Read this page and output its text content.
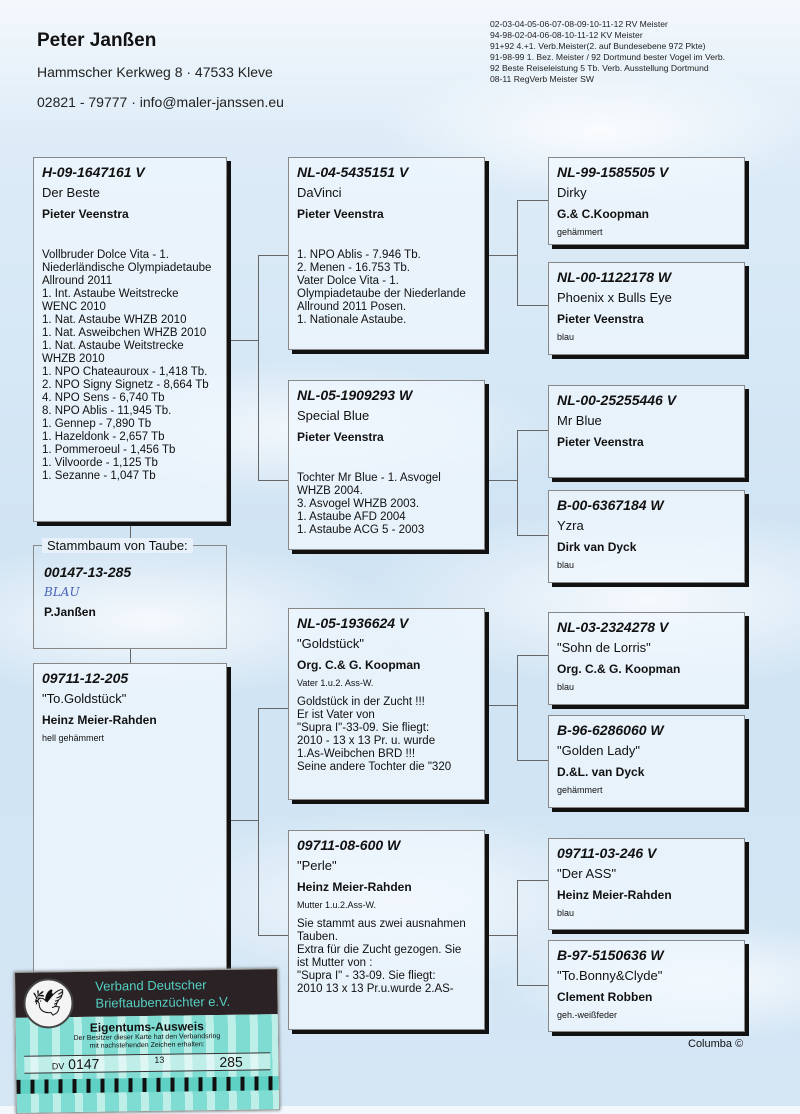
Peter Janßen
Hammscher Kerkweg 8 · 47533 Kleve
02821 - 79777 · info@maler-janssen.eu
02-03-04-05-06-07-08-09-10-11-12 RV Meister
94-98-02-04-06-08-10-11-12 KV Meister
91+92 4.+1. Verb.Meister(2. auf Bundesebene 972 Pkte)
91-98-99 1. Bez. Meister / 92 Dortmund bester Vogel im Verb.
92 Beste Reiseleistung 5 Tb. Verb. Ausstellung Dortmund
08-11 RegVerb Meister SW
Stammbaum von Taube:
00147-13-285
BLAU
P.Janßen
H-09-1647161 V
Der Beste
Pieter Veenstra
Vollbruder Dolce Vita - 1.
Niederländische Olympiadetaube
Allround 2011
1. Int. Astaube Weitstrecke
WENC 2010
1. Nat. Astaube WHZB 2010
1. Nat. Asweibchen WHZB 2010
1. Nat. Astaube Weitstrecke
WHZB 2010
1. NPO Chateauroux - 1,418 Tb.
2. NPO Signy Signetz - 8,664 Tb
4. NPO Sens - 6,740 Tb
8. NPO Ablis - 11,945 Tb.
1. Gennep - 7,890 Tb
1. Hazeldonk - 2,657 Tb
1. Pommeroeul - 1,456 Tb
1. Vilvoorde - 1,125 Tb
1. Sezanne - 1,047 Tb
09711-12-205
"To.Goldstück"
Heinz Meier-Rahden
hell gehämmert
NL-04-5435151 V
DaVinci
Pieter Veenstra
1. NPO Ablis - 7.946 Tb.
2. Menen - 16.753 Tb.
Vater Dolce Vita - 1.
Olympiadetaube der Niederlande
Allround 2011 Posen.
1. Nationale Astaube.
NL-05-1909293 W
Special Blue
Pieter Veenstra
Tochter Mr Blue - 1. Asvogel
WHZB 2004.
3. Asvogel WHZB 2003.
1. Astaube AFD 2004
1. Astaube ACG 5 - 2003
NL-05-1936624 V
"Goldstück"
Org. C.& G. Koopman
Vater 1.u.2. Ass-W.
Goldstück in der Zucht !!!
Er ist Vater von
"Supra I"-33-09. Sie fliegt:
2010 - 13 x 13 Pr. u. wurde
1.As-Weibchen BRD !!!
Seine andere Tochter die "320
09711-08-600 W
"Perle"
Heinz Meier-Rahden
Mutter 1.u.2.Ass-W.
Sie stammt aus zwei ausnahmen
Tauben.
Extra für die Zucht gezogen. Sie
ist Mutter von :
"Supra I" - 33-09. Sie fliegt:
2010 13 x 13 Pr.u.wurde 2.AS-
NL-99-1585505 V
Dirky
G.& C.Koopman
gehämmert
NL-00-1122178 W
Phoenix x Bulls Eye
Pieter Veenstra
blau
NL-00-25255446 V
Mr Blue
Pieter Veenstra
B-00-6367184 W
Yzra
Dirk van Dyck
blau
NL-03-2324278 V
"Sohn de Lorris"
Org. C.& G. Koopman
blau
B-96-6286060 W
"Golden Lady"
D.&L. van Dyck
gehämmert
09711-03-246 V
"Der ASS"
Heinz Meier-Rahden
blau
B-97-5150636 W
"To.Bonny&Clyde"
Clement Robben
geh.-weißfeder
Columba ©
🕊
Verband Deutscher
Brieftaubenzüchter e.V.
Eigentums-Ausweis
Der Besitzer dieser Karte hat den Verbandsring
mit nachstehenden Zeichen erhalten:
DV 0147	13	285
